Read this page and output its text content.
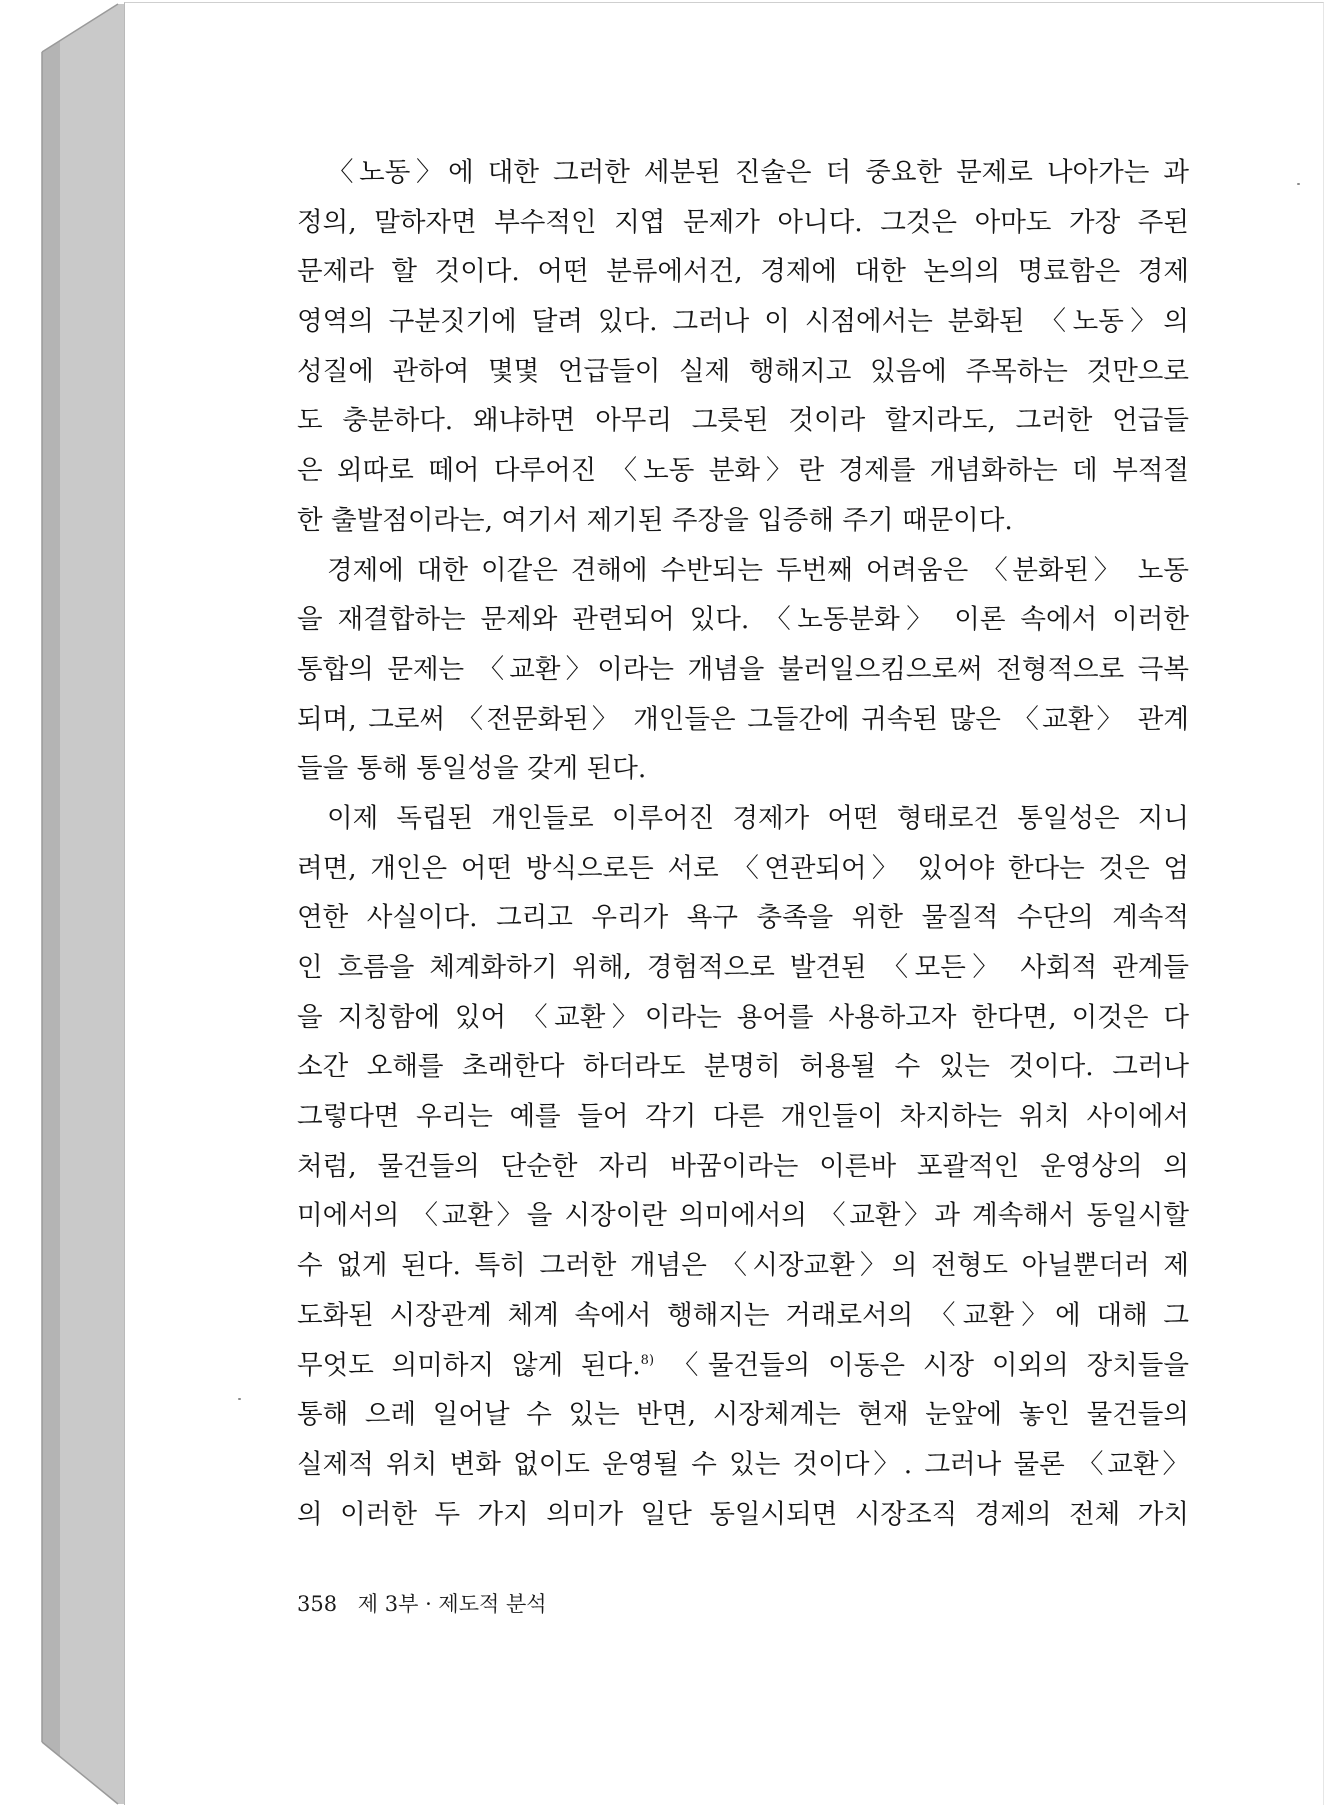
〈노동〉에 대한 그러한 세분된 진술은 더 중요한 문제로 나아가는 과
정의, 말하자면 부수적인 지엽 문제가 아니다. 그것은 아마도 가장 주된
문제라 할 것이다. 어떤 분류에서건, 경제에 대한 논의의 명료함은 경제
영역의 구분짓기에 달려 있다. 그러나 이 시점에서는 분화된 〈노동〉의
성질에 관하여 몇몇 언급들이 실제 행해지고 있음에 주목하는 것만으로
도 충분하다. 왜냐하면 아무리 그릇된 것이라 할지라도, 그러한 언급들
은 외따로 떼어 다루어진 〈노동 분화〉란 경제를 개념화하는 데 부적절
한 출발점이라는, 여기서 제기된 주장을 입증해 주기 때문이다.
경제에 대한 이같은 견해에 수반되는 두번째 어려움은 〈분화된〉 노동
을 재결합하는 문제와 관련되어 있다. 〈노동분화〉 이론 속에서 이러한
통합의 문제는 〈교환〉이라는 개념을 불러일으킴으로써 전형적으로 극복
되며, 그로써 〈전문화된〉 개인들은 그들간에 귀속된 많은 〈교환〉 관계
들을 통해 통일성을 갖게 된다.
이제 독립된 개인들로 이루어진 경제가 어떤 형태로건 통일성은 지니
려면, 개인은 어떤 방식으로든 서로 〈연관되어〉 있어야 한다는 것은 엄
연한 사실이다. 그리고 우리가 욕구 충족을 위한 물질적 수단의 계속적
인 흐름을 체계화하기 위해, 경험적으로 발견된 〈모든〉 사회적 관계들
을 지칭함에 있어 〈교환〉이라는 용어를 사용하고자 한다면, 이것은 다
소간 오해를 초래한다 하더라도 분명히 허용될 수 있는 것이다. 그러나
그렇다면 우리는 예를 들어 각기 다른 개인들이 차지하는 위치 사이에서
처럼, 물건들의 단순한 자리 바꿈이라는 이른바 포괄적인 운영상의 의
미에서의 〈교환〉을 시장이란 의미에서의 〈교환〉과 계속해서 동일시할
수 없게 된다. 특히 그러한 개념은 〈시장교환〉의 전형도 아닐뿐더러 제
도화된 시장관계 체계 속에서 행해지는 거래로서의 〈교환〉에 대해 그
무엇도 의미하지 않게 된다.$^{8)}$ 〈물건들의 이동은 시장 이외의 장치들을
통해 으레 일어날 수 있는 반면, 시장체계는 현재 눈앞에 놓인 물건들의
실제적 위치 변화 없이도 운영될 수 있는 것이다〉. 그러나 물론 〈교환〉
의 이러한 두 가지 의미가 일단 동일시되면 시장조직 경제의 전체 가치
358 제 3부 · 제도적 분석
